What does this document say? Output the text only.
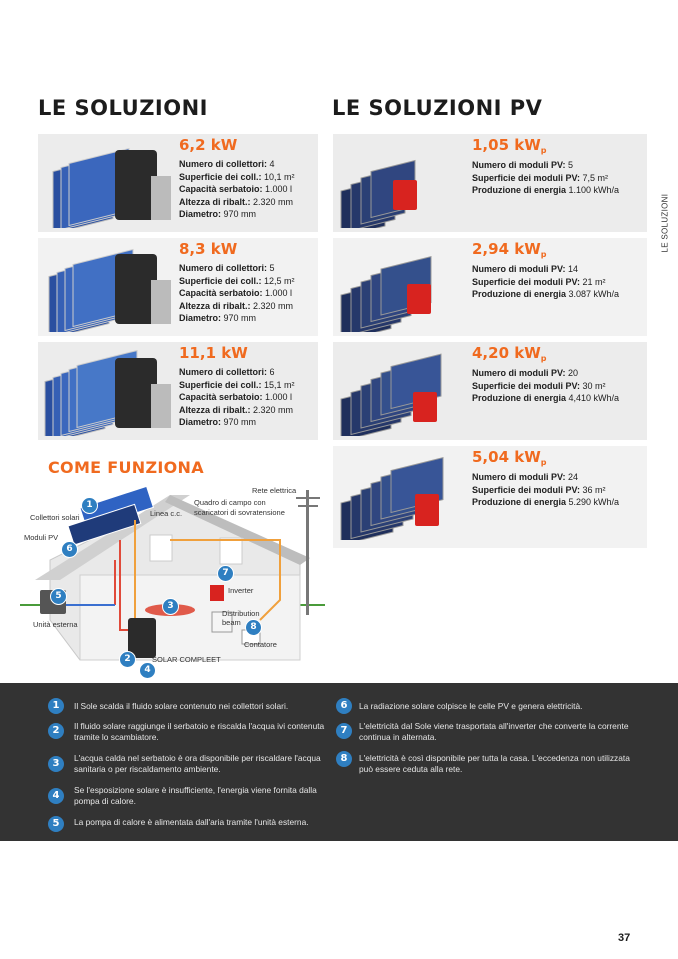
LE SOLUZIONI	LE SOLUZIONI PV
LE SOLUZIONI
6,2 kW
Numero di collettori: 4
Superficie dei coll.: 10,1 m²
Capacità serbatoio: 1.000 l
Altezza di ribalt.: 2.320 mm
Diametro: 970 mm
8,3 kW
Numero di collettori: 5
Superficie dei coll.: 12,5 m²
Capacità serbatoio: 1.000 l
Altezza di ribalt.: 2.320 mm
Diametro: 970 mm
11,1 kW
Numero di collettori: 6
Superficie dei coll.: 15,1 m²
Capacità serbatoio: 1.000 l
Altezza di ribalt.: 2.320 mm
Diametro: 970 mm
1,05 $kW_p$
Numero di moduli PV: 5
Superficie dei moduli PV: 7,5 m²
Produzione di energia 1.100 kWh/a
2,94 $kW_p$
Numero di moduli PV: 14
Superficie dei moduli PV: 21 m²
Produzione di energia 3.087 kWh/a
4,20 $kW_p$
Numero di moduli PV: 20
Superficie dei moduli PV: 30 m²
Produzione di energia 4,410 kWh/a
5,04 $kW_p$
Numero di moduli PV: 24
Superficie dei moduli PV: 36 m²
Produzione di energia 5.290 kWh/a
COME FUNZIONA
Collettori solari
Moduli PV
Linea c.c.
Quadro di campo con
scaricatori di sovratensione
Rete elettrica
Inverter
Distribution
beam
Contatore
Unità esterna
SOLAR COMPLEET
1
2
3
4
5
6
7
8
1	Il Sole scalda il fluido solare contenuto nei collettori solari.
2	Il fluido solare raggiunge il serbatoio e riscalda l'acqua ivi contenuta tramite lo scambiatore.
3	L'acqua calda nel serbatoio è ora disponibile per riscaldare l'acqua sanitaria o per riscaldamento ambiente.
4	Se l'esposizione solare è insufficiente, l'energia viene fornita dalla pompa di calore.
5	La pompa di calore è alimentata dall'aria tramite l'unità esterna.
6	La radiazione solare colpisce le celle PV e genera elettricità.
7	L'elettricità dal Sole viene trasportata all'inverter che converte la corrente continua in alternata.
8	L'elettricità è così disponibile per tutta la casa. L'eccedenza non utilizzata può essere ceduta alla rete.
37
